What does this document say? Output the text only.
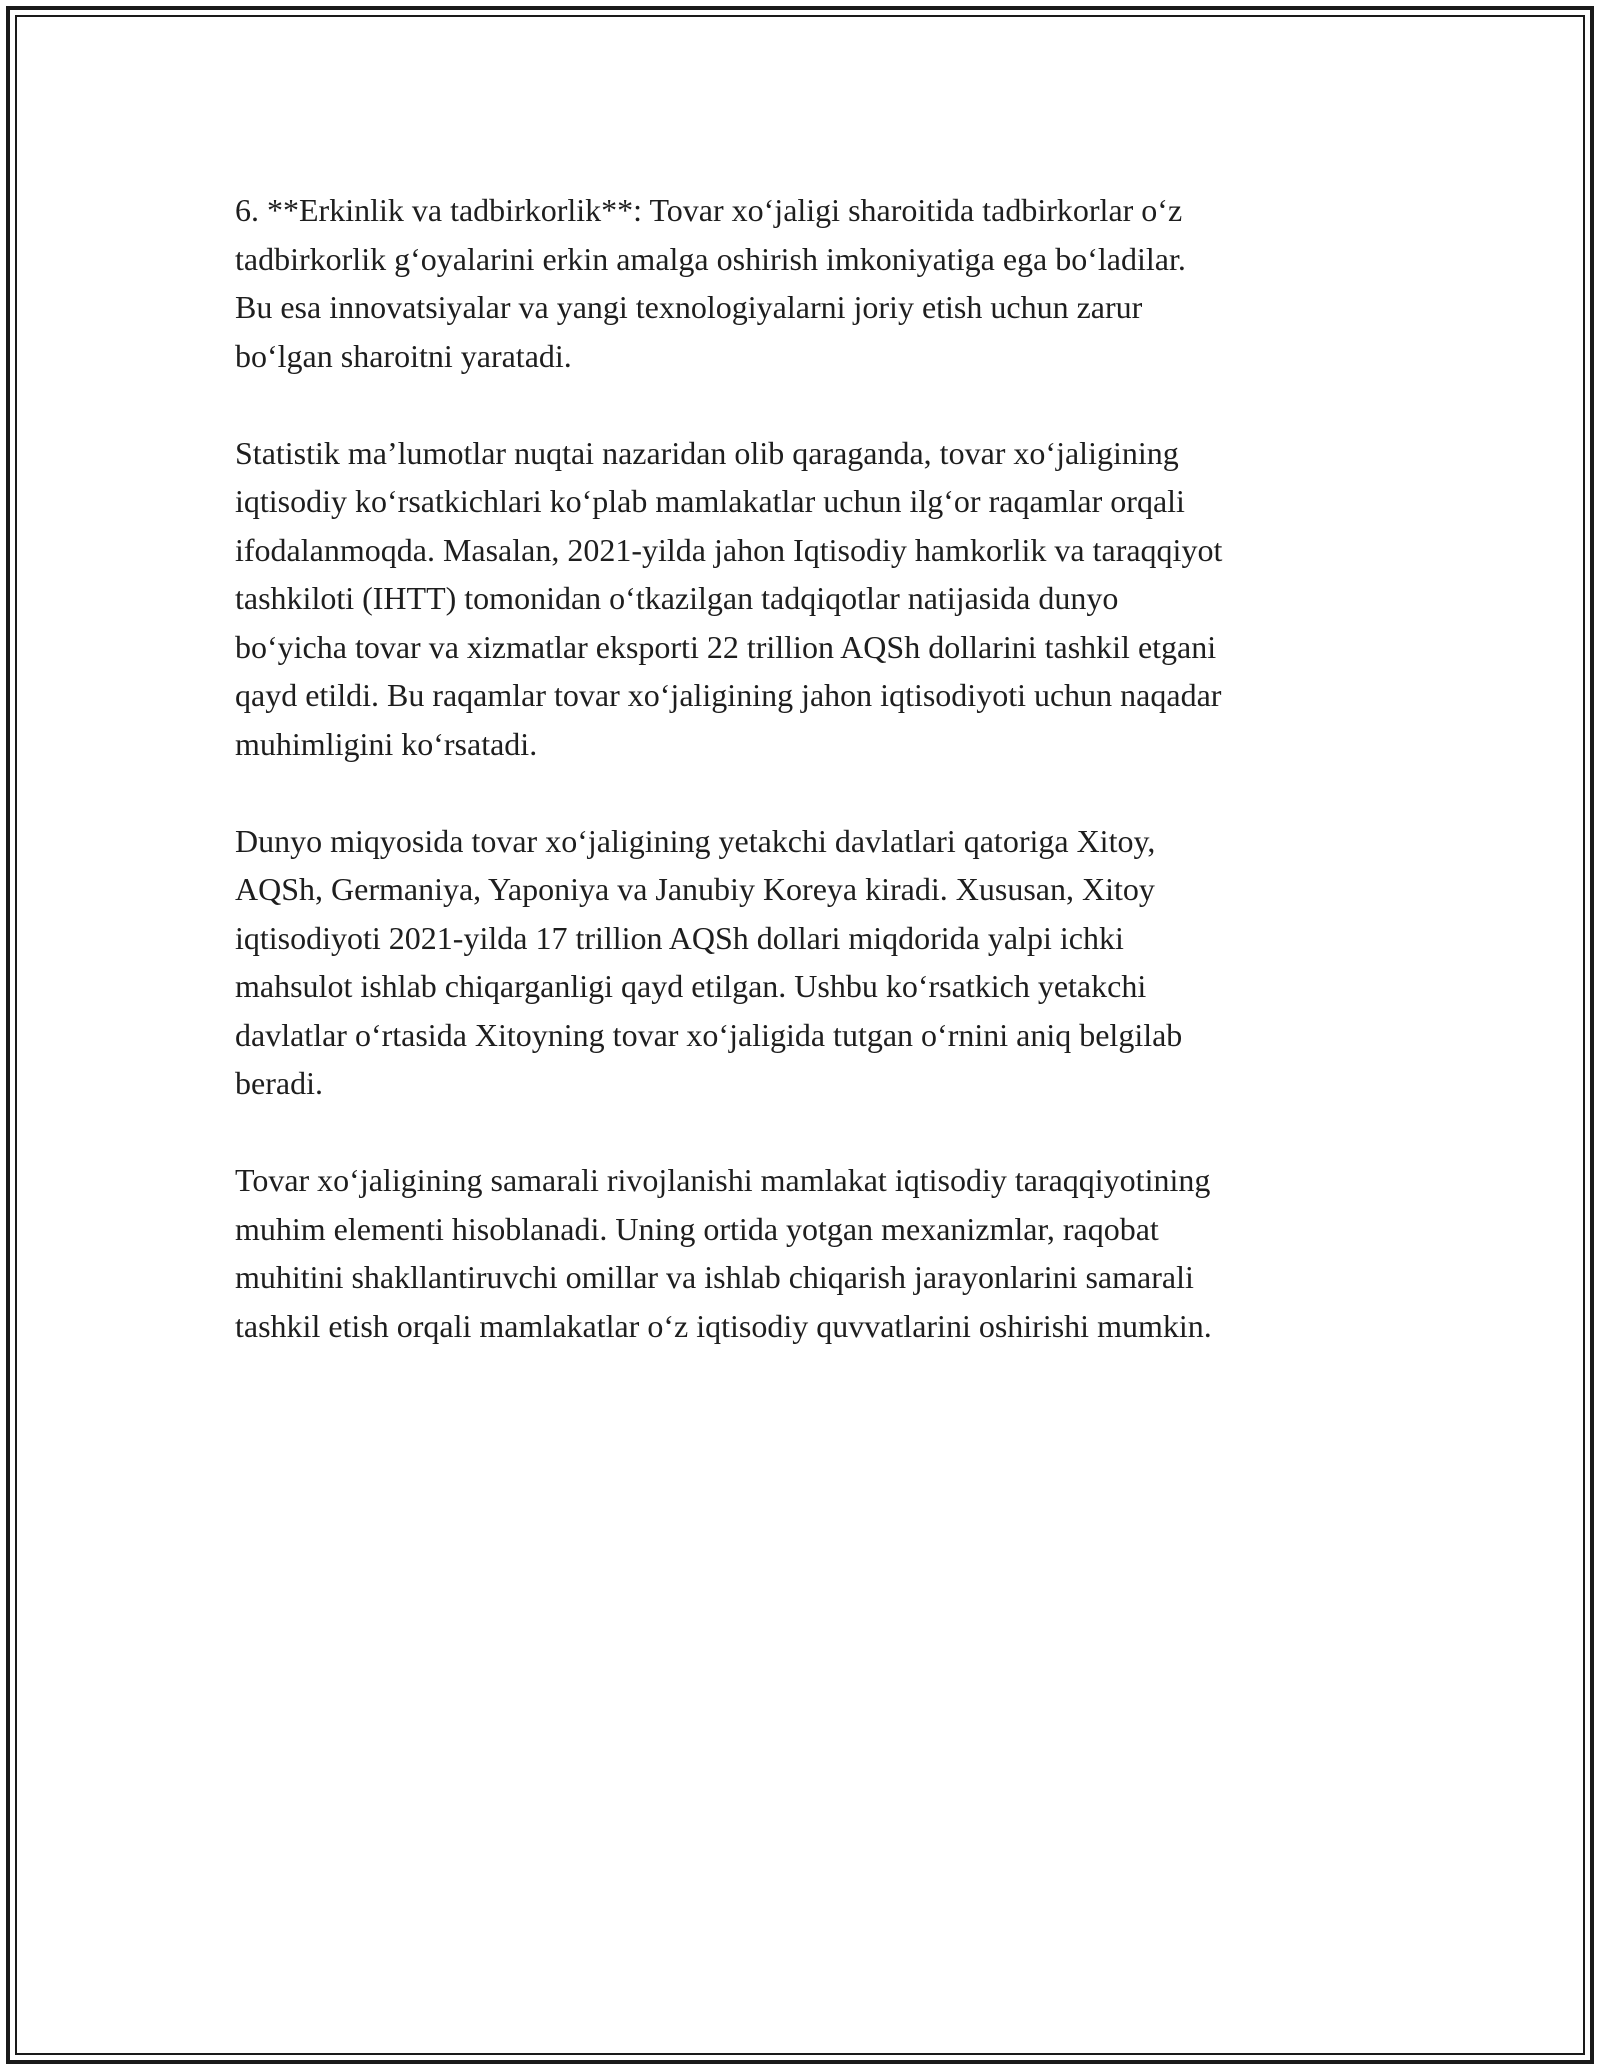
6. **Erkinlik va tadbirkorlik**: Tovar xo‘jaligi sharoitida tadbirkorlar o‘z
tadbirkorlik g‘oyalarini erkin amalga oshirish imkoniyatiga ega bo‘ladilar.
Bu esa innovatsiyalar va yangi texnologiyalarni joriy etish uchun zarur
bo‘lgan sharoitni yaratadi.
Statistik ma’lumotlar nuqtai nazaridan olib qaraganda, tovar xo‘jaligining
iqtisodiy ko‘rsatkichlari ko‘plab mamlakatlar uchun ilg‘or raqamlar orqali
ifodalanmoqda. Masalan, 2021-yilda jahon Iqtisodiy hamkorlik va taraqqiyot
tashkiloti (IHTT) tomonidan o‘tkazilgan tadqiqotlar natijasida dunyo
bo‘yicha tovar va xizmatlar eksporti 22 trillion AQSh dollarini tashkil etgani
qayd etildi. Bu raqamlar tovar xo‘jaligining jahon iqtisodiyoti uchun naqadar
muhimligini ko‘rsatadi.
Dunyo miqyosida tovar xo‘jaligining yetakchi davlatlari qatoriga Xitoy,
AQSh, Germaniya, Yaponiya va Janubiy Koreya kiradi. Xususan, Xitoy
iqtisodiyoti 2021-yilda 17 trillion AQSh dollari miqdorida yalpi ichki
mahsulot ishlab chiqarganligi qayd etilgan. Ushbu ko‘rsatkich yetakchi
davlatlar o‘rtasida Xitoyning tovar xo‘jaligida tutgan o‘rnini aniq belgilab
beradi.
Tovar xo‘jaligining samarali rivojlanishi mamlakat iqtisodiy taraqqiyotining
muhim elementi hisoblanadi. Uning ortida yotgan mexanizmlar, raqobat
muhitini shakllantiruvchi omillar va ishlab chiqarish jarayonlarini samarali
tashkil etish orqali mamlakatlar o‘z iqtisodiy quvvatlarini oshirishi mumkin.
